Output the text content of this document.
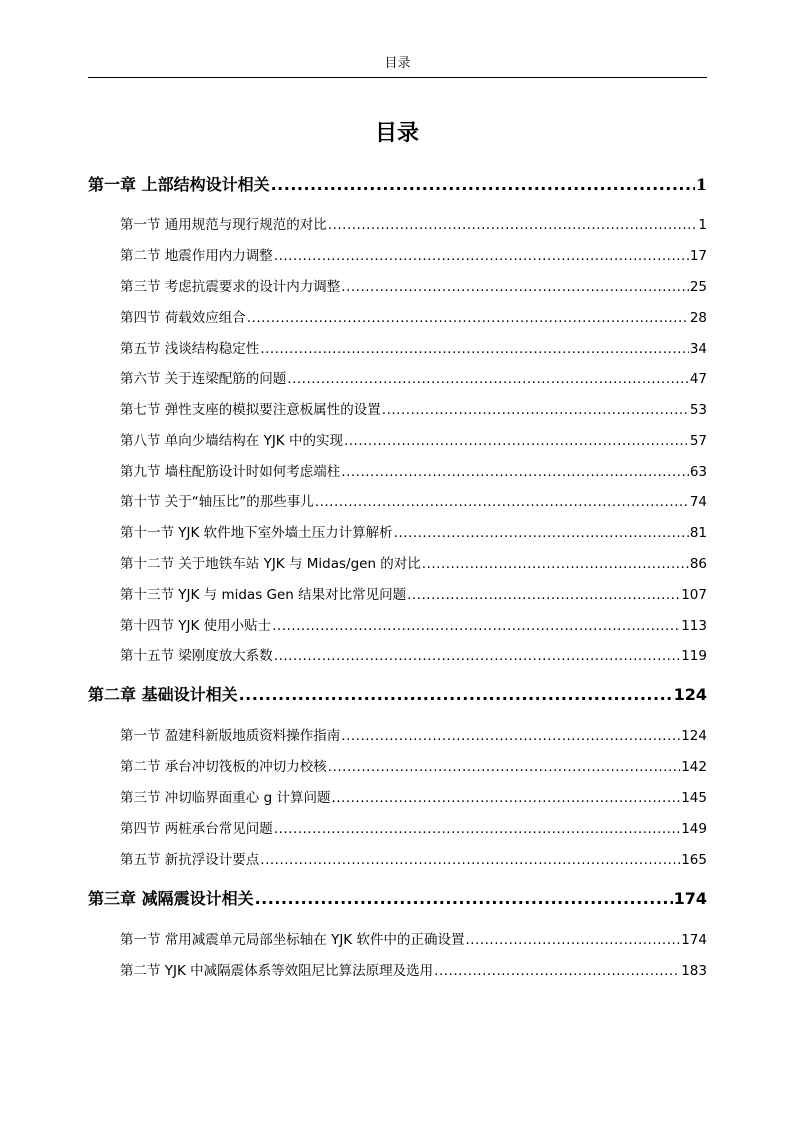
目录
目录
第一章 上部结构设计相关 .....	1
第一节 通用规范与现行规范的对比 .....	1
第二节 地震作用内力调整 .....	17
第三节 考虑抗震要求的设计内力调整 .....	25
第四节 荷载效应组合 .....	28
第五节 浅谈结构稳定性 .....	34
第六节 关于连梁配筋的问题 .....	47
第七节 弹性支座的模拟要注意板属性的设置 .....	53
第八节 单向少墙结构在 YJK 中的实现 .....	57
第九节 墙柱配筋设计时如何考虑端柱 .....	63
第十节 关于“轴压比”的那些事儿 .....	74
第十一节 YJK 软件地下室外墙土压力计算解析 .....	81
第十二节 关于地铁车站 YJK 与 Midas/gen 的对比 .....	86
第十三节 YJK 与 midas Gen 结果对比常见问题 .....	107
第十四节 YJK 使用小贴士 .....	113
第十五节 梁刚度放大系数 .....	119
第二章 基础设计相关 .....	124
第一节 盈建科新版地质资料操作指南 .....	124
第二节 承台冲切筏板的冲切力校核 .....	142
第三节 冲切临界面重心 g 计算问题 .....	145
第四节 两桩承台常见问题 .....	149
第五节 新抗浮设计要点 .....	165
第三章 减隔震设计相关 .....	174
第一节 常用减震单元局部坐标轴在 YJK 软件中的正确设置 .....	174
第二节 YJK 中减隔震体系等效阻尼比算法原理及选用 .....	183
